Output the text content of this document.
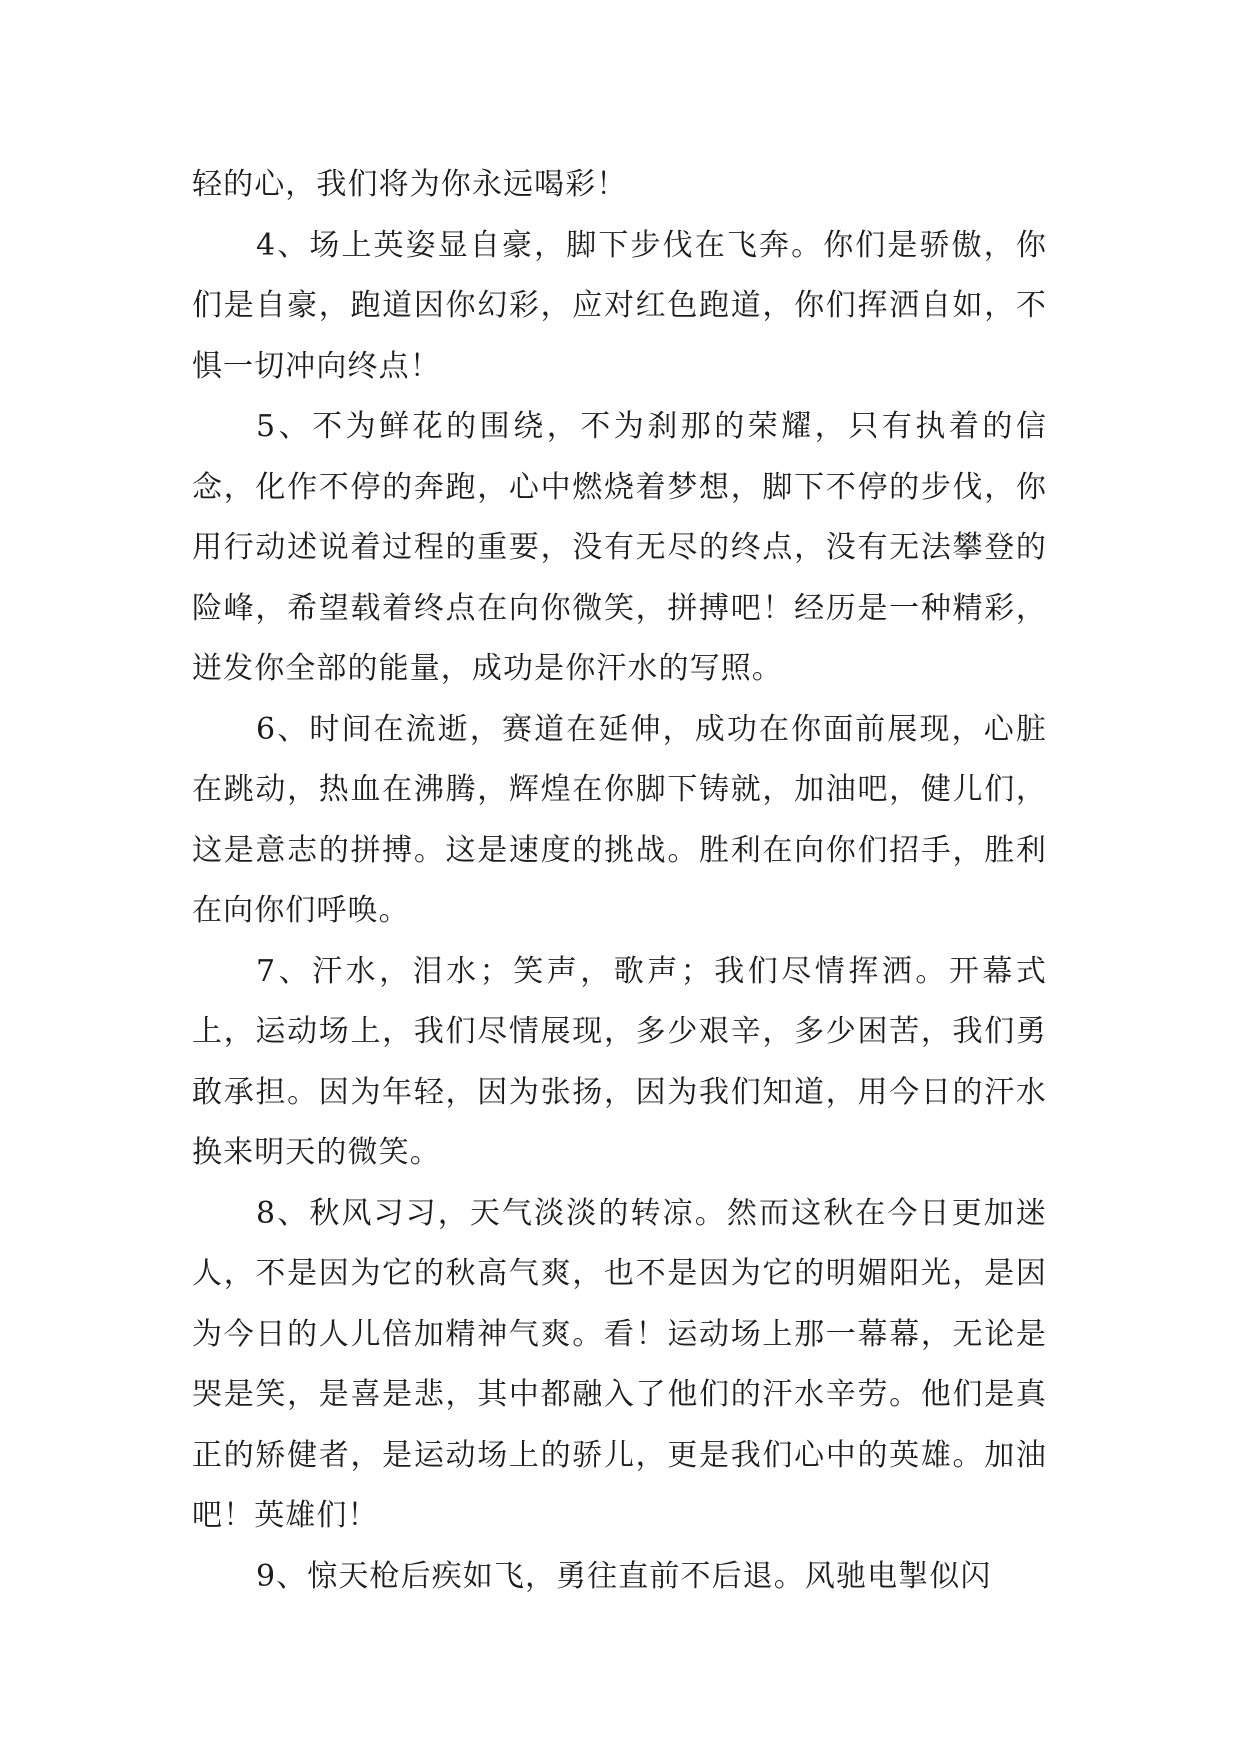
轻的心，我们将为你永远喝彩！

4、场上英姿显自豪，脚下步伐在飞奔。你们是骄傲，你们是自豪，跑道因你幻彩，应对红色跑道，你们挥洒自如，不惧一切冲向终点！

5、不为鲜花的围绕，不为刹那的荣耀，只有执着的信念，化作不停的奔跑，心中燃烧着梦想，脚下不停的步伐，你用行动述说着过程的重要，没有无尽的终点，没有无法攀登的险峰，希望载着终点在向你微笑，拼搏吧！经历是一种精彩，迸发你全部的能量，成功是你汗水的写照。

6、时间在流逝，赛道在延伸，成功在你面前展现，心脏在跳动，热血在沸腾，辉煌在你脚下铸就，加油吧，健儿们，这是意志的拼搏。这是速度的挑战。胜利在向你们招手，胜利在向你们呼唤。

7、汗水，泪水；笑声，歌声；我们尽情挥洒。开幕式上，运动场上，我们尽情展现，多少艰辛，多少困苦，我们勇敢承担。因为年轻，因为张扬，因为我们知道，用今日的汗水换来明天的微笑。

8、秋风习习，天气淡淡的转凉。然而这秋在今日更加迷人，不是因为它的秋高气爽，也不是因为它的明媚阳光，是因为今日的人儿倍加精神气爽。看！运动场上那一幕幕，无论是哭是笑，是喜是悲，其中都融入了他们的汗水辛劳。他们是真正的矫健者，是运动场上的骄儿，更是我们心中的英雄。加油吧！英雄们！

9、惊天枪后疾如飞，勇往直前不后退。风驰电掣似闪
